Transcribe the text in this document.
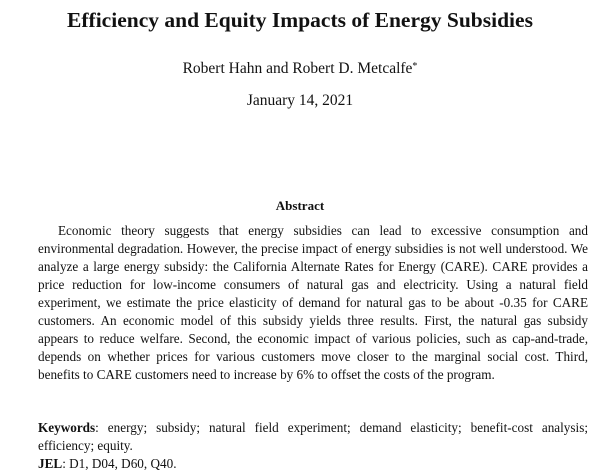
Efficiency and Equity Impacts of Energy Subsidies
Robert Hahn and Robert D. Metcalfe*
January 14, 2021
Abstract

Economic theory suggests that energy subsidies can lead to excessive consumption and environmental degradation. However, the precise impact of energy subsidies is not well understood. We analyze a large energy subsidy: the California Alternate Rates for Energy (CARE). CARE provides a price reduction for low-income consumers of natural gas and electricity. Using a natural field experiment, we estimate the price elasticity of demand for natural gas to be about -0.35 for CARE customers. An economic model of this subsidy yields three results. First, the natural gas subsidy appears to reduce welfare. Second, the economic impact of various policies, such as cap-and-trade, depends on whether prices for various customers move closer to the marginal social cost. Third, benefits to CARE customers need to increase by 6% to offset the costs of the program.

Keywords: energy; subsidy; natural field experiment; demand elasticity; benefit-cost analysis; efficiency; equity.

JEL: D1, D04, D60, Q40.
